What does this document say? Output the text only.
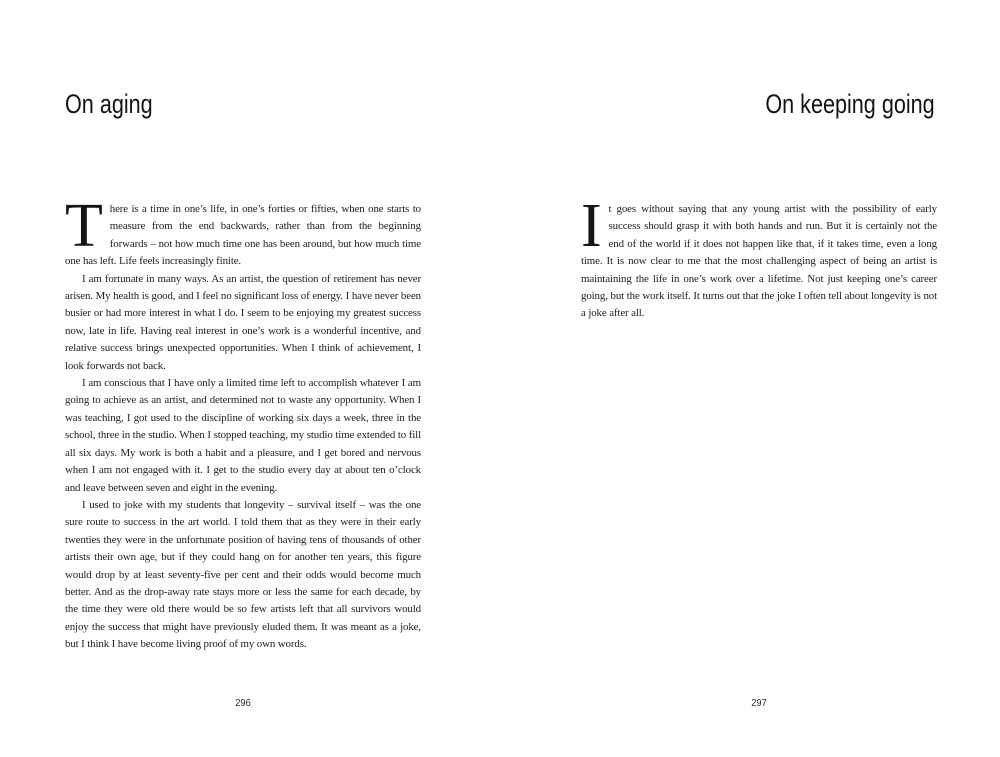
On aging

There is a time in one’s life, in one’s forties or fifties, when one starts to measure from the end backwards, rather than from the beginning forwards – not how much time one has been around, but how much time one has left. Life feels increasingly finite.

I am fortunate in many ways. As an artist, the question of retirement has never arisen. My health is good, and I feel no significant loss of energy. I have never been busier or had more interest in what I do. I seem to be enjoying my greatest success now, late in life. Having real interest in one’s work is a wonderful incentive, and relative success brings unexpected opportunities. When I think of achievement, I look forwards not back.

I am conscious that I have only a limited time left to accomplish whatever I am going to achieve as an artist, and determined not to waste any opportunity. When I was teaching, I got used to the discipline of working six days a week, three in the school, three in the studio. When I stopped teaching, my studio time extended to fill all six days. My work is both a habit and a pleasure, and I get bored and nervous when I am not engaged with it. I get to the studio every day at about ten o’clock and leave between seven and eight in the evening.

I used to joke with my students that longevity – survival itself – was the one sure route to success in the art world. I told them that as they were in their early twenties they were in the unfortunate position of having tens of thousands of other artists their own age, but if they could hang on for another ten years, this figure would drop by at least seventy-five per cent and their odds would become much better. And as the drop-away rate stays more or less the same for each decade, by the time they were old there would be so few artists left that all survivors would enjoy the success that might have previously eluded them. It was meant as a joke, but I think I have become living proof of my own words.

296
On keeping going

It goes without saying that any young artist with the possibility of early success should grasp it with both hands and run. But it is certainly not the end of the world if it does not happen like that, if it takes time, even a long time. It is now clear to me that the most challenging aspect of being an artist is maintaining the life in one’s work over a lifetime. Not just keeping one’s career going, but the work itself. It turns out that the joke I often tell about longevity is not a joke after all.

297
